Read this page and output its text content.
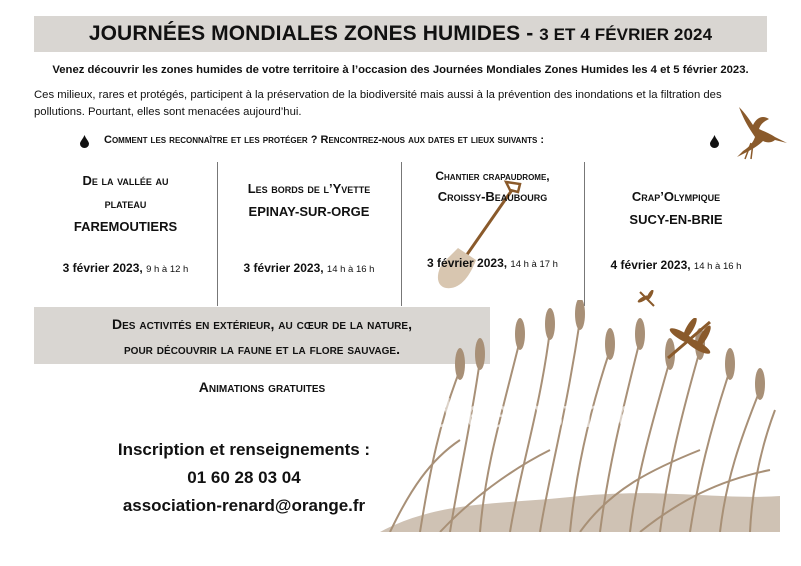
JOURNÉES MONDIALES ZONES HUMIDES - 3 ET 4 FÉVRIER 2024
Venez découvrir les zones humides de votre territoire à l’occasion des Journées Mondiales Zones Humides les 4 et 5 février 2023.
Ces milieux, rares et protégés, participent à la préservation de la biodiversité mais aussi à la prévention des inondations et la filtration des pollutions. Pourtant, elles sont menacées aujourd’hui.
Comment les reconnaître et les protéger ? Rencontrez-nous aux dates et lieux suivants :
De la vallée au
plateau
FAREMOUTIERS
3 février 2023, 9 h à 12 h
Les bords de l’Yvette
EPINAY-SUR-ORGE
3 février 2023, 14 h à 16 h
Chantier crapaudrome,
Croissy-Beaubourg
3 février 2023, 14 h à 17 h
Crap’Olympique
SUCY-EN-BRIE
4 février 2023, 14 h à 16 h
Des activités en extérieur, au cœur de la nature,
pour découvrir la faune et la flore sauvage.
Animations gratuites
dreamstime
Inscription et renseignements :
01 60 28 03 04
association-renard@orange.fr
